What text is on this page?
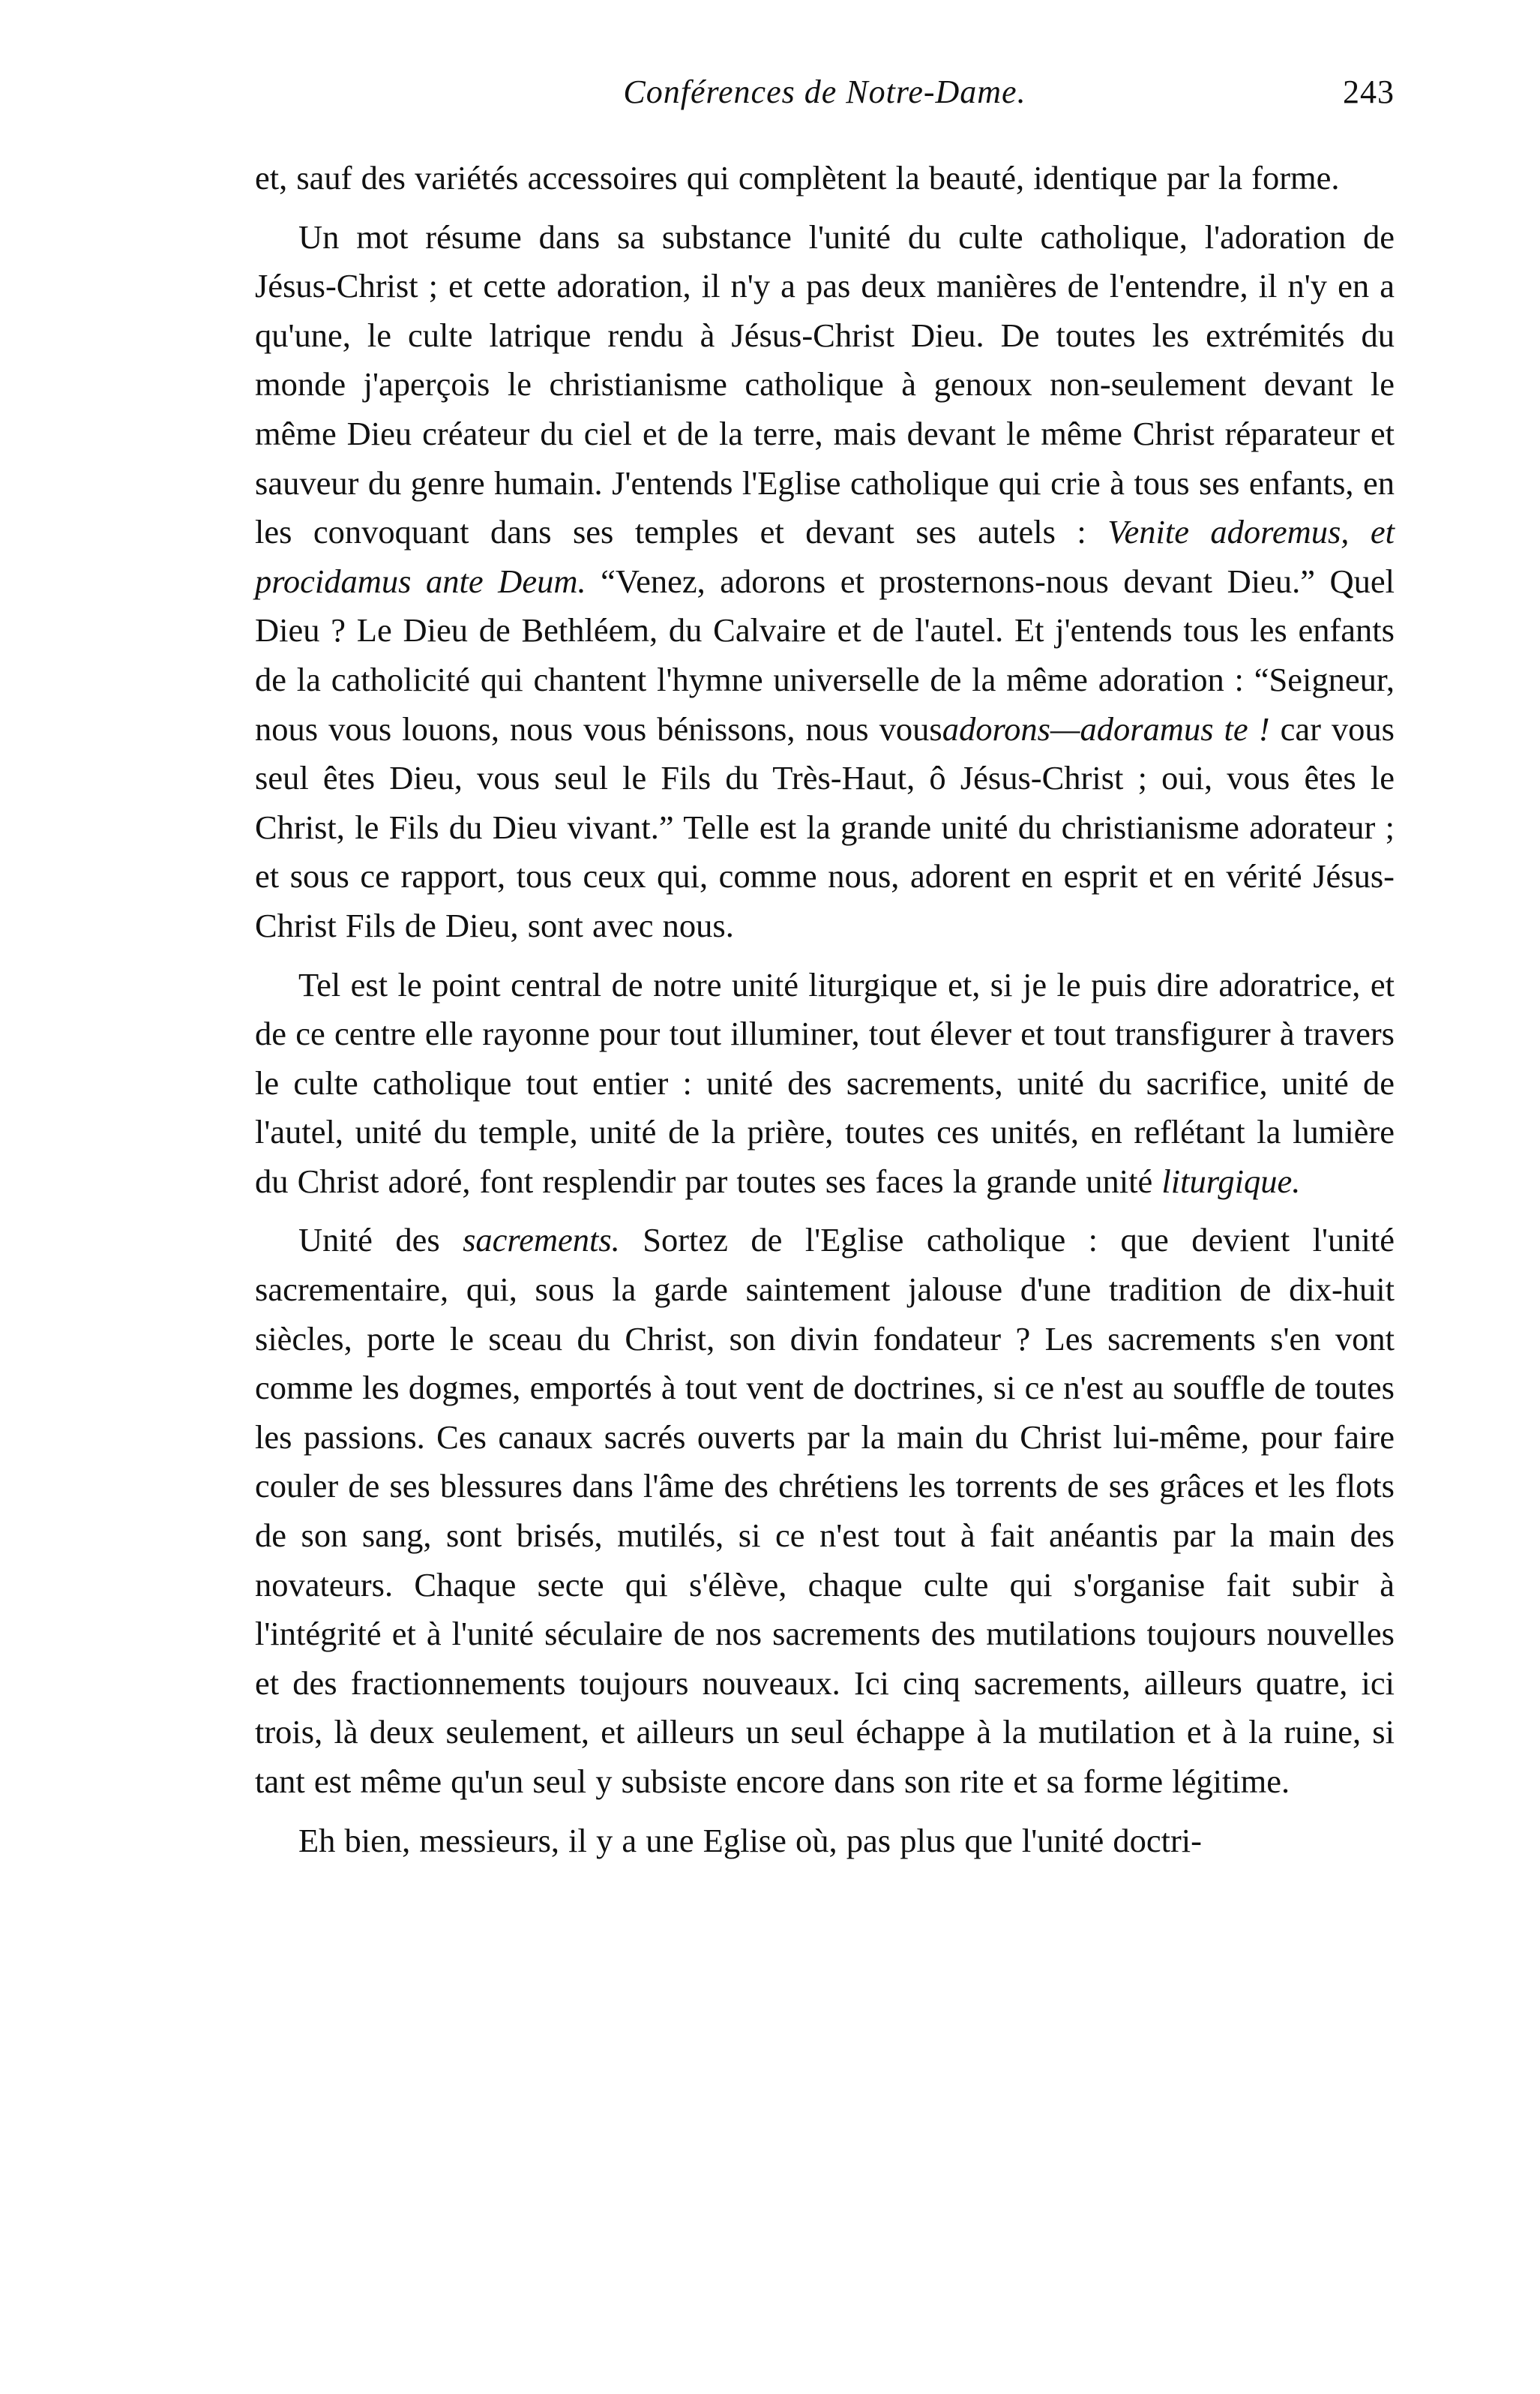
Conférences de Notre-Dame.	243

et, sauf des variétés accessoires qui complètent la beauté, identique par la forme.

Un mot résume dans sa substance l'unité du culte catholique, l'adoration de Jésus-Christ ; et cette adoration, il n'y a pas deux manières de l'entendre, il n'y en a qu'une, le culte latrique rendu à Jésus-Christ Dieu. De toutes les extrémités du monde j'aperçois le christianisme catholique à genoux non-seulement devant le même Dieu créateur du ciel et de la terre, mais devant le même Christ réparateur et sauveur du genre humain. J'entends l'Eglise catholique qui crie à tous ses enfants, en les convoquant dans ses temples et devant ses autels : Venite adoremus, et procidamus ante Deum. “Venez, adorons et prosternons-nous devant Dieu.” Quel Dieu ? Le Dieu de Bethléem, du Calvaire et de l'autel. Et j'entends tous les enfants de la catholicité qui chantent l'hymne universelle de la même adoration : “Seigneur, nous vous louons, nous vous bénissons, nous vousadorons—adoramus te ! car vous seul êtes Dieu, vous seul le Fils du Très-Haut, ô Jésus-Christ ; oui, vous êtes le Christ, le Fils du Dieu vivant.” Telle est la grande unité du christianisme adorateur ; et sous ce rapport, tous ceux qui, comme nous, adorent en esprit et en vérité Jésus-Christ Fils de Dieu, sont avec nous.

Tel est le point central de notre unité liturgique et, si je le puis dire adoratrice, et de ce centre elle rayonne pour tout illuminer, tout élever et tout transfigurer à travers le culte catholique tout entier : unité des sacrements, unité du sacrifice, unité de l'autel, unité du temple, unité de la prière, toutes ces unités, en reflétant la lumière du Christ adoré, font resplendir par toutes ses faces la grande unité liturgique.

Unité des sacrements. Sortez de l'Eglise catholique : que devient l'unité sacrementaire, qui, sous la garde saintement jalouse d'une tradition de dix-huit siècles, porte le sceau du Christ, son divin fondateur ? Les sacrements s'en vont comme les dogmes, emportés à tout vent de doctrines, si ce n'est au souffle de toutes les passions. Ces canaux sacrés ouverts par la main du Christ lui-même, pour faire couler de ses blessures dans l'âme des chrétiens les torrents de ses grâces et les flots de son sang, sont brisés, mutilés, si ce n'est tout à fait anéantis par la main des novateurs. Chaque secte qui s'élève, chaque culte qui s'organise fait subir à l'intégrité et à l'unité séculaire de nos sacrements des mutilations toujours nouvelles et des fractionnements toujours nouveaux. Ici cinq sacrements, ailleurs quatre, ici trois, là deux seulement, et ailleurs un seul échappe à la mutilation et à la ruine, si tant est même qu'un seul y subsiste encore dans son rite et sa forme légitime.

Eh bien, messieurs, il y a une Eglise où, pas plus que l'unité doctri-
